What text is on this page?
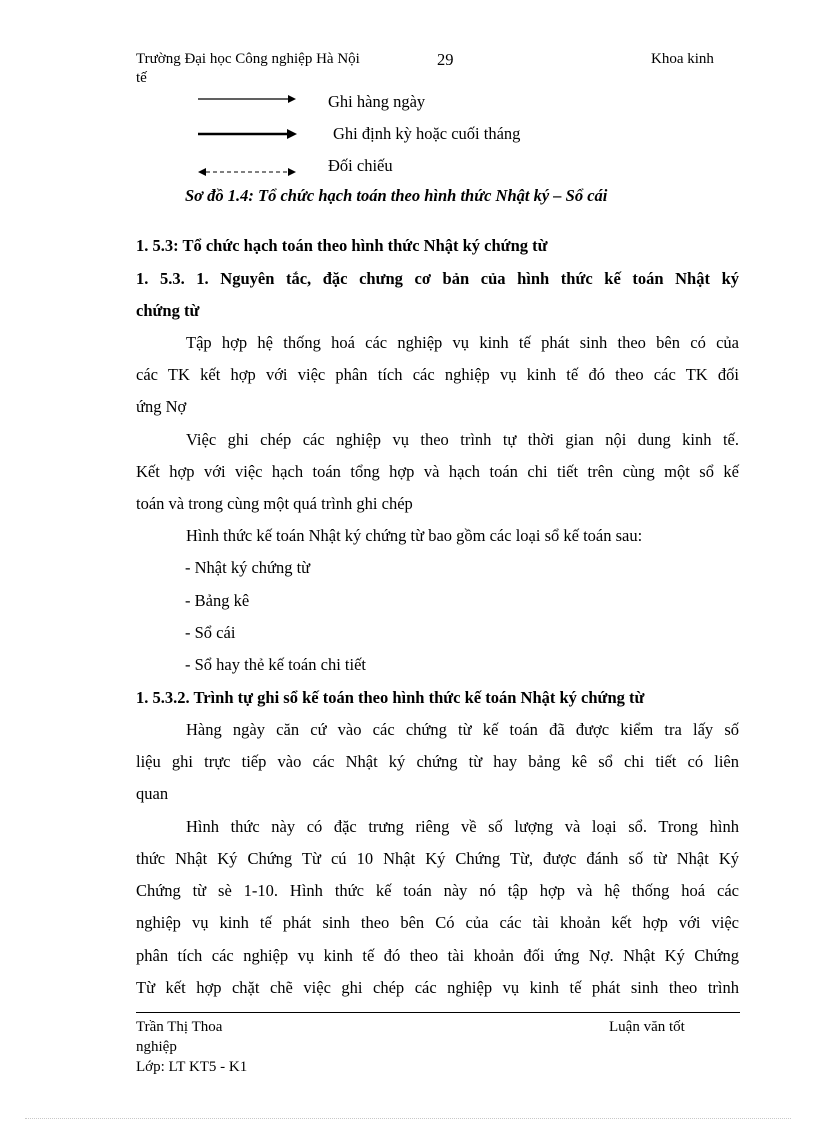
Trường Đại học Công nghiệp Hà Nội	29	Khoa kinh
tế
Ghi hàng ngày
Ghi định kỳ hoặc cuối tháng
Đối chiếu
Sơ đồ 1.4: Tổ chức hạch toán theo hình thức Nhật ký – Sổ cái
1. 5.3: Tổ chức hạch toán theo hình thức Nhật ký chứng từ
1. 5.3. 1. Nguyên tắc, đặc chưng cơ bản của hình thức kế toán Nhật ký
chứng từ
Tập hợp hệ thống hoá các nghiệp vụ kinh tế phát sinh theo bên có của
các TK kết hợp với việc phân tích các nghiệp vụ kinh tế đó theo các TK đối
ứng Nợ
Việc ghi chép các nghiệp vụ theo trình tự thời gian nội dung kinh tế.
Kết hợp với việc hạch toán tổng hợp và hạch toán chi tiết trên cùng một sổ kế
toán và trong cùng một quá trình ghi chép
Hình thức kế toán Nhật ký chứng từ bao gồm các loại sổ kế toán sau:
- Nhật ký chứng từ
- Bảng kê
- Sổ cái
- Sổ hay thẻ kế toán chi tiết
1. 5.3.2. Trình tự ghi sổ kế toán theo hình thức kế toán Nhật ký chứng từ
Hàng ngày căn cứ vào các chứng từ kế toán đã được kiểm tra lấy số
liệu ghi trực tiếp vào các Nhật ký chứng từ hay bảng kê sổ chi tiết có liên
quan
Hình thức này có đặc trưng riêng về số lượng và loại sổ. Trong hình
thức Nhật Ký Chứng Từ cú 10 Nhật Ký Chứng Từ, được đánh số từ Nhật Ký
Chứng từ sè 1-10. Hình thức kế toán này nó tập hợp và hệ thống hoá các
nghiệp vụ kinh tế phát sinh theo bên Có của các tài khoản kết hợp với việc
phân tích các nghiệp vụ kinh tế đó theo tài khoản đối ứng Nợ. Nhật Ký Chứng
Từ kết hợp chặt chẽ việc ghi chép các nghiệp vụ kinh tế phát sinh theo trình
Trần Thị Thoa	Luận văn tốt
nghiệp
Lớp: LT KT5 - K1
